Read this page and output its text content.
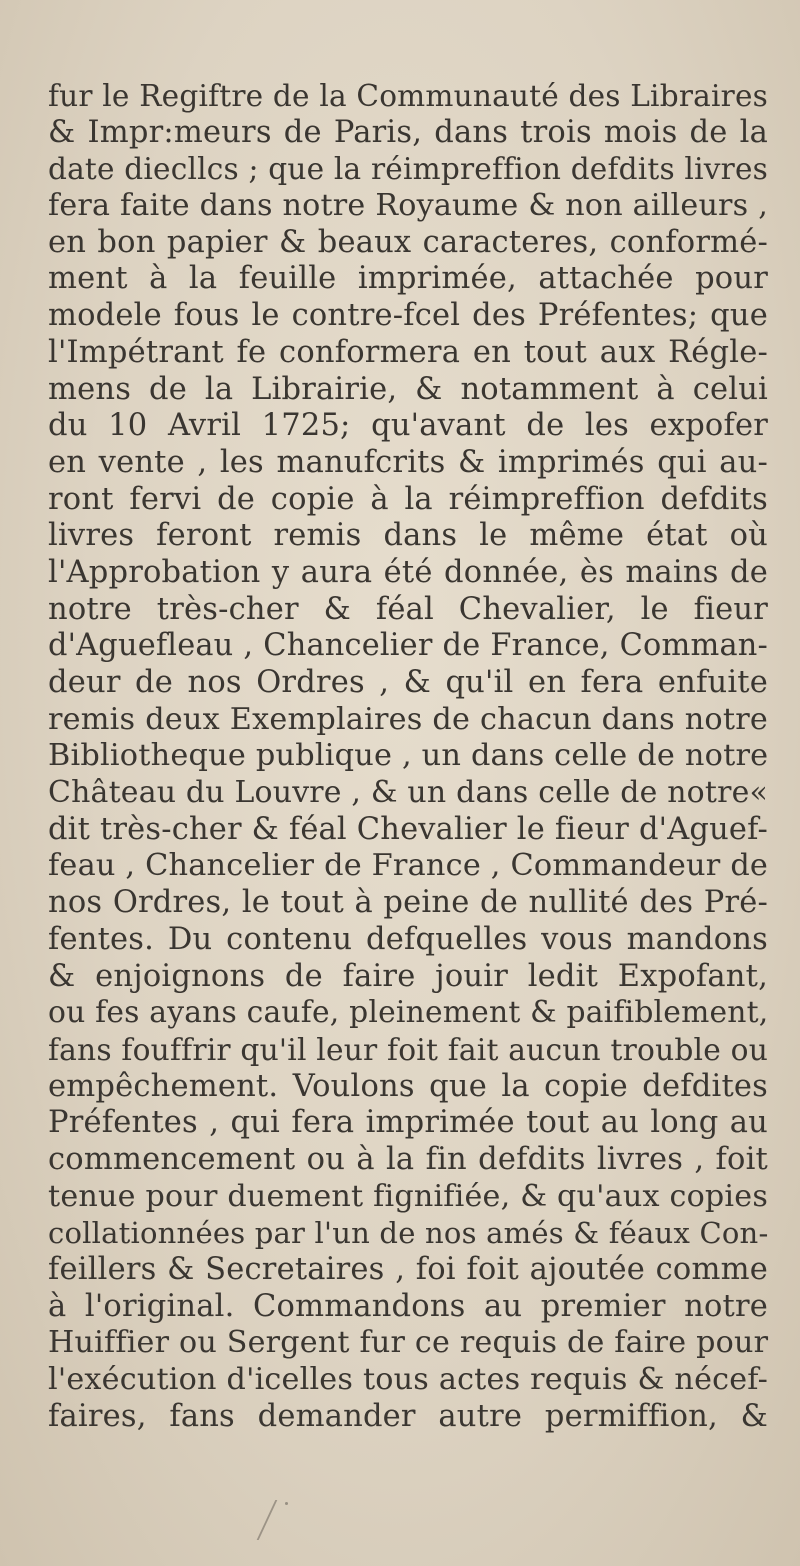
fur le Regiftre de la Communauté des Libraires
& Impr:meurs de Paris, dans trois mois de la
date diecllcs ; que la réimpreffion defdits livres
fera faite dans notre Royaume & non ailleurs ,
en bon papier & beaux caracteres, conformé-
ment à la feuille imprimée, attachée pour
modele fous le contre-fcel des Préfentes; que
l'Impétrant fe conformera en tout aux Régle-
mens de la Librairie, & notamment à celui
du 10 Avril 1725; qu'avant de les expofer
en vente , les manufcrits & imprimés qui au-
ront fervi de copie à la réimpreffion defdits
livres feront remis dans le même état où
l'Approbation y aura été donnée, ès mains de
notre très-cher & féal Chevalier, le fieur
d'Aguefleau , Chancelier de France, Comman-
deur de nos Ordres , & qu'il en fera enfuite
remis deux Exemplaires de chacun dans notre
Bibliotheque publique , un dans celle de notre
Château du Louvre , & un dans celle de notre«
dit très-cher & féal Chevalier le fieur d'Aguef-
feau , Chancelier de France , Commandeur de
nos Ordres, le tout à peine de nullité des Pré-
fentes. Du contenu defquelles vous mandons
& enjoignons de faire jouir ledit Expofant,
ou fes ayans caufe, pleinement & paifiblement,
fans fouffrir qu'il leur foit fait aucun trouble ou
empêchement. Voulons que la copie defdites
Préfentes , qui fera imprimée tout au long au
commencement ou à la fin defdits livres , foit
tenue pour duement fignifiée, & qu'aux copies
collationnées par l'un de nos amés & féaux Con-
feillers & Secretaires , foi foit ajoutée comme
à l'original. Commandons au premier notre
Huiffier ou Sergent fur ce requis de faire pour
l'exécution d'icelles tous actes requis & nécef-
faires, fans demander autre permiffion, &
